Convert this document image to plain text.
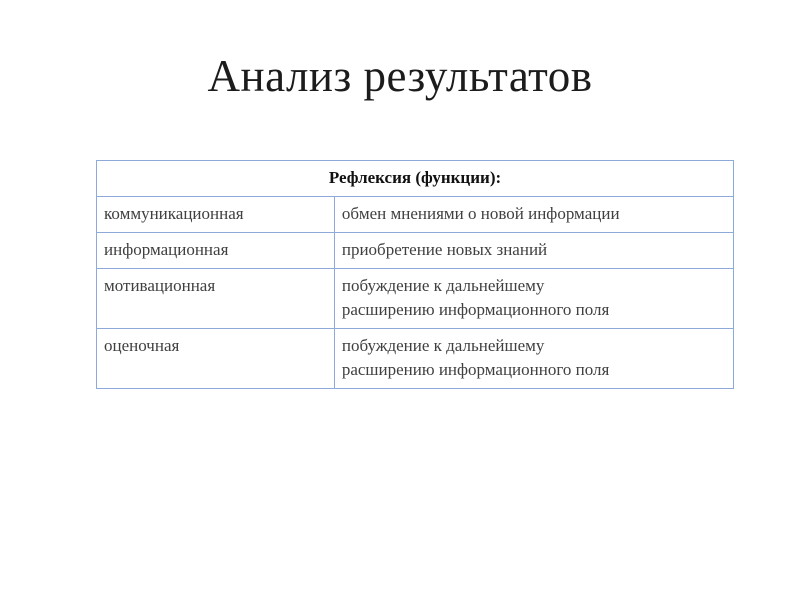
Анализ результатов
Рефлексия (функции):	
коммуникационная	обмен мнениями о новой информации

информационная	приобретение новых знаний

мотивационная	побуждение к дальнейшему
расширению информационного поля

оценочная	побуждение к дальнейшему
расширению информационного поля
